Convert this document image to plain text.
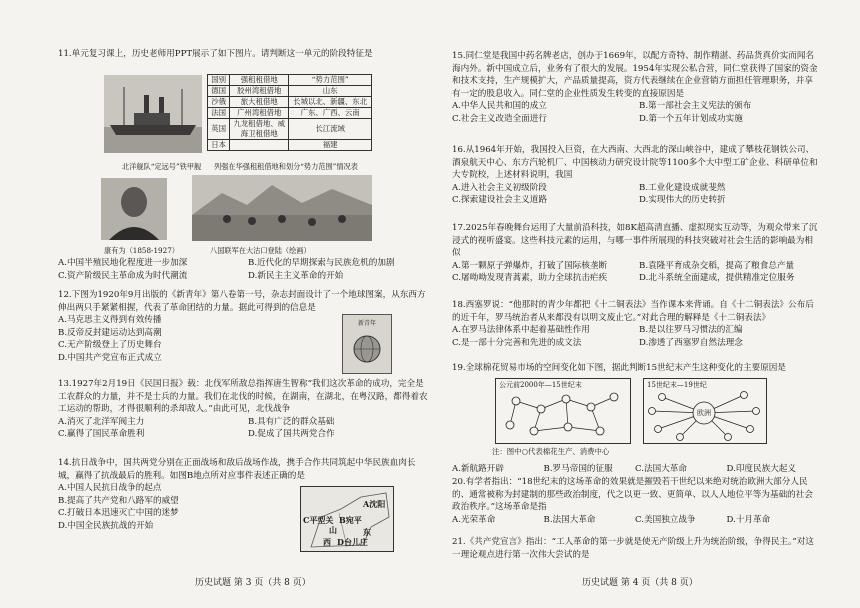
11.单元复习课上，历史老师用PPT展示了如下图片。请判断这一单元的阶段特征是

北洋舰队“定远号”铁甲舰
国别	强租租借地	“势力范围”
德国	胶州湾租借地	山东
沙俄	旅大租借地	长城以北、新疆、东北
法国	广州湾租借地	广东、广西、云南
英国	九龙租借地、威海卫租借地	长江流域
日本		福建
列强在华强租租借地和划分“势力范围”情况表
康有为（1858-1927）	八国联军在大沽口登陆（绘画）
A.中国半殖民地化程度进一步加深	B.近代化的早期探索与民族危机的加剧
C.资产阶级民主革命成为时代潮流	D.新民主主义革命的开始

12.下图为1920年9月出版的《新青年》第八卷第一号，杂志封面设计了一个地球图案，从东西方伸出两只手紧紧相握，代表了革命团结的力量。据此可得到的信息是

A.马克思主义得到有效传播
B.反帝反封建运动达到高潮
C.无产阶级登上了历史舞台
D.中国共产党宣布正式成立
新青年

13.1927年2月19日《民国日报》载：北伐军所敌总指挥唐生智称“我们这次革命的成功，完全是工农群众的力量，并不是士兵的力量。我们在北伐的时候，在湖南，在湖北，在粤汉路，都得着农工运动的帮助，才得很顺利的杀却敌人。”由此可见，北伐战争

A.消灭了北洋军阀主力	B.具有广泛的群众基础
C.赢得了国民革命胜利	D.促成了国共两党合作

14.抗日战争中，国共两党分别在正面战场和敌后战场作战，携手合作共同筑起中华民族血肉长城，赢得了抗战最后的胜利。如图B地点所对应事件表述正确的是

A.中国人民抗日战争的起点
B.提高了共产党和八路军的威望
C.打破日本迅速灭亡中国的迷梦
D.中国全民族抗战的开始
A沈阳
C平型关 B宛平
山
西 D台儿庄
东
历史试题 第 3 页（共 8 页）

15.同仁堂是我国中药名牌老店，创办于1669年，以配方奇特、制作精湛、药品货真价实而闻名海内外。新中国成立后，业务有了很大的发展。1954年实现公私合营，同仁堂获得了国家的资金和技术支持，生产规模扩大，产品质量提高，资方代表继续在企业营销方面担任管理职务，并享有一定的股息收入。同仁堂的企业性质发生转变的直接原因是

A.中华人民共和国的成立	B.第一部社会主义宪法的颁布
C.社会主义改造全面进行	D.第一个五年计划成功实施

16.从1964年开始，我国投入巨资，在大西南、大西北的深山峡谷中，建成了攀枝花钢铁公司、酒泉航天中心、东方汽轮机厂、中国核动力研究设计院等1100多个大中型工矿企业、科研单位和大专院校，上述材料说明，我国

A.进入社会主义初级阶段	B.工业化建设成就斐然
C.探索建设社会主义道路	D.实现伟大的历史转折

17.2025年春晚舞台运用了大量前沿科技，如8K超高清直播、虚拟现实互动等，为观众带来了沉浸式的视听盛宴。这些科技元素的运用，与哪一事件所展现的科技突破对社会生活的影响最为相似

A.第一颗原子弹爆炸，打破了国际核垄断	B.袁隆平育成杂交稻，提高了粮食总产量
C.屠呦呦发现青蒿素，助力全球抗击疟疾	D.北斗系统全面建成，提供精准定位服务

18.西塞罗说：“他那时的青少年都把《十二铜表法》当作课本来背诵。自《十二铜表法》公布后的近千年，罗马统治者从来都没有以明文废止它。”对此合理的解释是《十二铜表法》

A.在罗马法律体系中起着基础性作用	B.是以往罗马习惯法的汇编
C.是一部十分完善和先进的成文法	D.渗透了西塞罗自然法理念

19.全球棉花贸易市场的空间变化如下图，据此判断15世纪末产生这种变化的主要原因是

公元前2000年—15世纪末	15世纪末—19世纪
欧洲
注：图中○代表棉花生产、消费中心
A.新航路开辟	B.罗马帝国的征服	C.法国大革命	D.印度民族大起义

20.有学者指出：“18世纪末的这场革命的效果就是摧毁若干世纪以来绝对统治欧洲大部分人民的、通常被称为封建制的那些政治制度，代之以更一致、更简单、以人人地位平等为基础的社会政治秩序。”这场革命是指

A.光荣革命	B.法国大革命	C.美国独立战争	D.十月革命

21.《共产党宣言》指出：“工人革命的第一步就是使无产阶级上升为统治阶级，争得民主。”对这一理论观点进行第一次伟大尝试的是

历史试题 第 4 页（共 8 页）
